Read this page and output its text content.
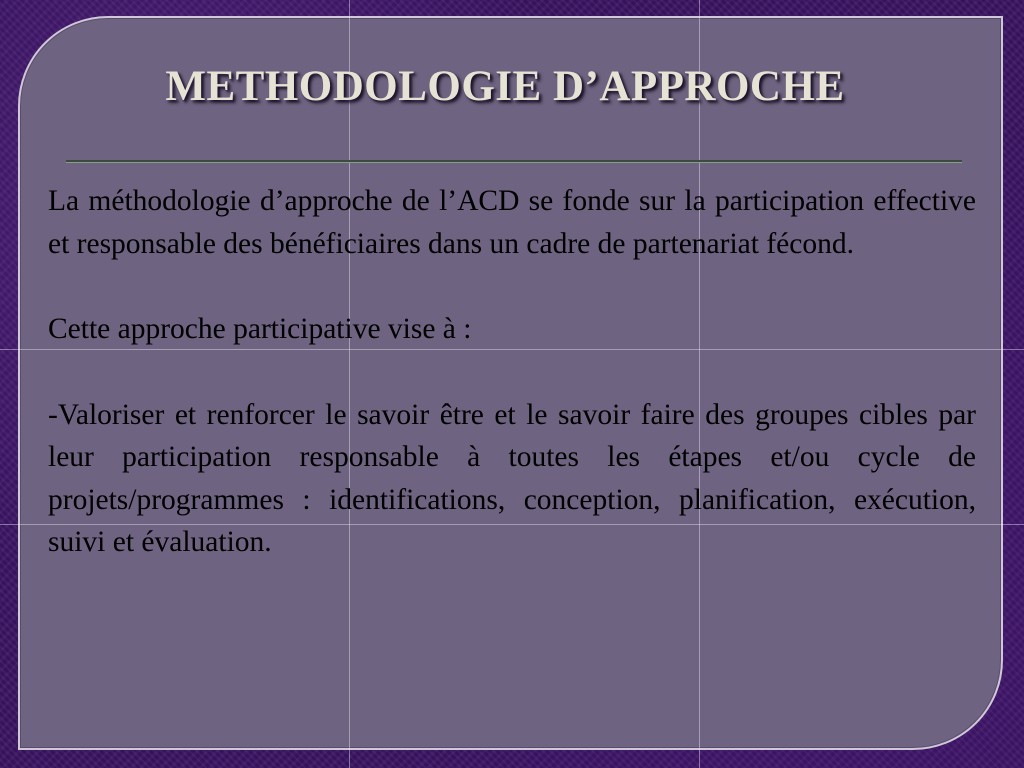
METHODOLOGIE D’APPROCHE

La méthodologie d’approche de l’ACD se fonde sur la participation effective et responsable des bénéficiaires dans un cadre de partenariat fécond.

Cette approche participative vise à :

-Valoriser et renforcer le savoir être et le savoir faire des groupes cibles par leur participation responsable à toutes les étapes et/ou cycle de projets/programmes : identifications, conception, planification, exécution, suivi et évaluation.
